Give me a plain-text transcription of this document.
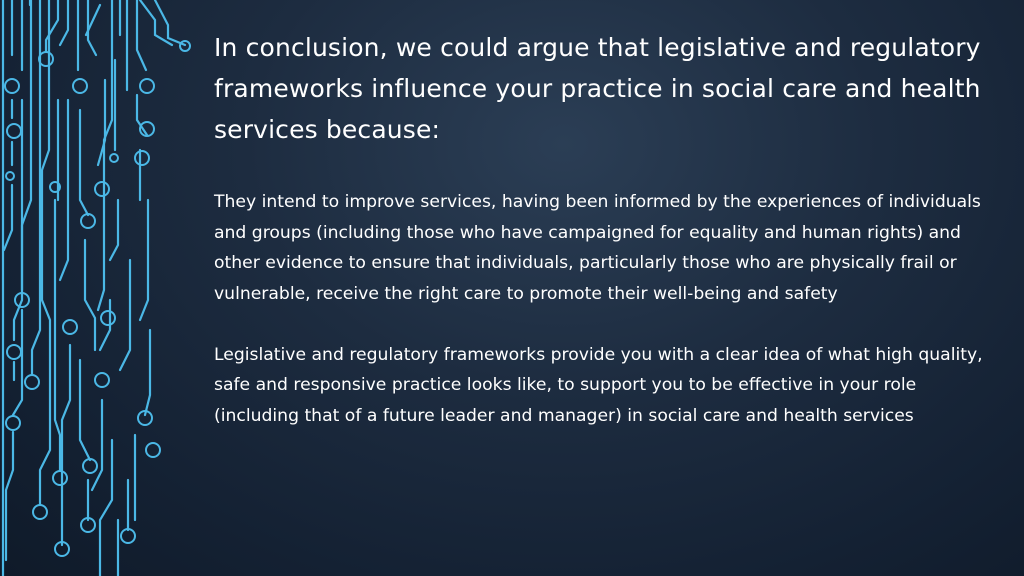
In conclusion, we could argue that legislative and regulatory frameworks influence your practice in social care and health services because:

They intend to improve services, having been informed by the experiences of individuals and groups (including those who have campaigned for equality and human rights) and other evidence to ensure that individuals, particularly those who are physically frail or vulnerable, receive the right care to promote their well-being and safety

Legislative and regulatory frameworks provide you with a clear idea of what high quality, safe and responsive practice looks like, to support you to be effective in your role (including that of a future leader and manager) in social care and health services
